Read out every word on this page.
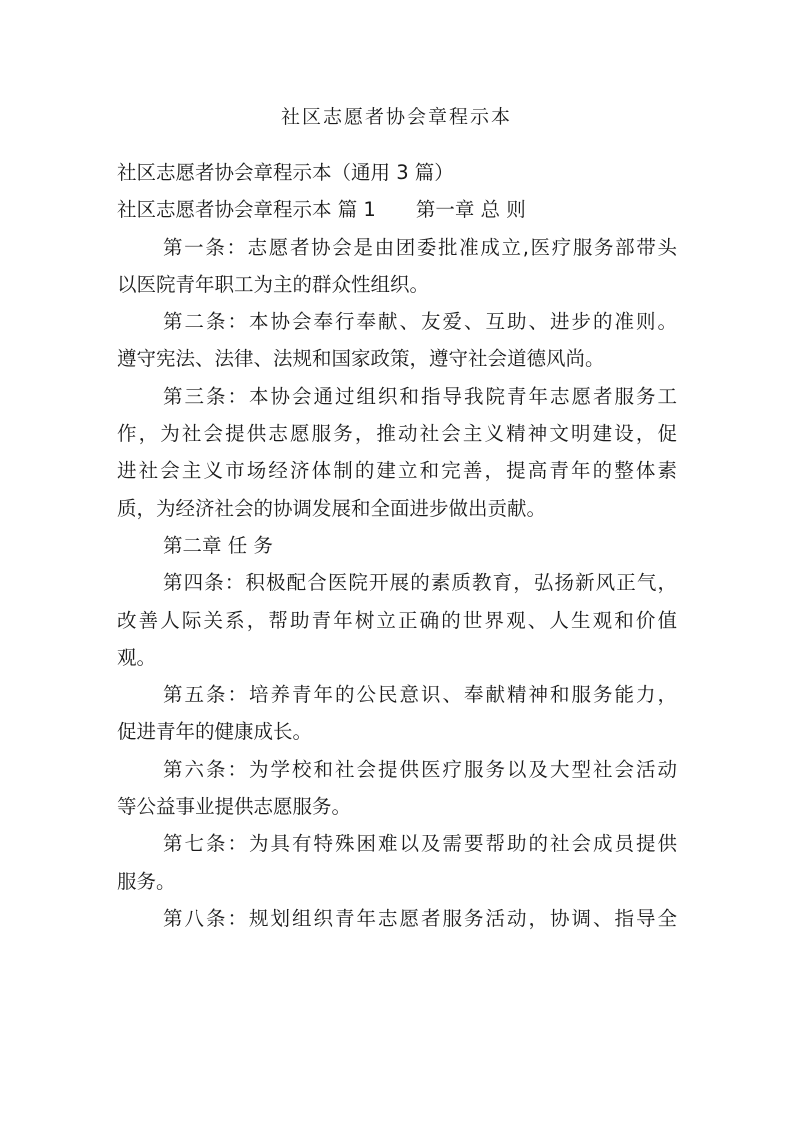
社区志愿者协会章程示本

社区志愿者协会章程示本（通用 3 篇）

社区志愿者协会章程示本 篇 1 第一章 总 则

第一条：志愿者协会是由团委批准成立,医疗服务部带头

以医院青年职工为主的群众性组织。

第二条：本协会奉行奉献、友爱、互助、进步的准则。

遵守宪法、法律、法规和国家政策，遵守社会道德风尚。

第三条：本协会通过组织和指导我院青年志愿者服务工

作，为社会提供志愿服务，推动社会主义精神文明建设，促

进社会主义市场经济体制的建立和完善，提高青年的整体素

质，为经济社会的协调发展和全面进步做出贡献。

第二章 任 务

第四条：积极配合医院开展的素质教育，弘扬新风正气，

改善人际关系，帮助青年树立正确的世界观、人生观和价值

观。

第五条：培养青年的公民意识、奉献精神和服务能力，

促进青年的健康成长。

第六条：为学校和社会提供医疗服务以及大型社会活动

等公益事业提供志愿服务。

第七条：为具有特殊困难以及需要帮助的社会成员提供

服务。

第八条：规划组织青年志愿者服务活动，协调、指导全
